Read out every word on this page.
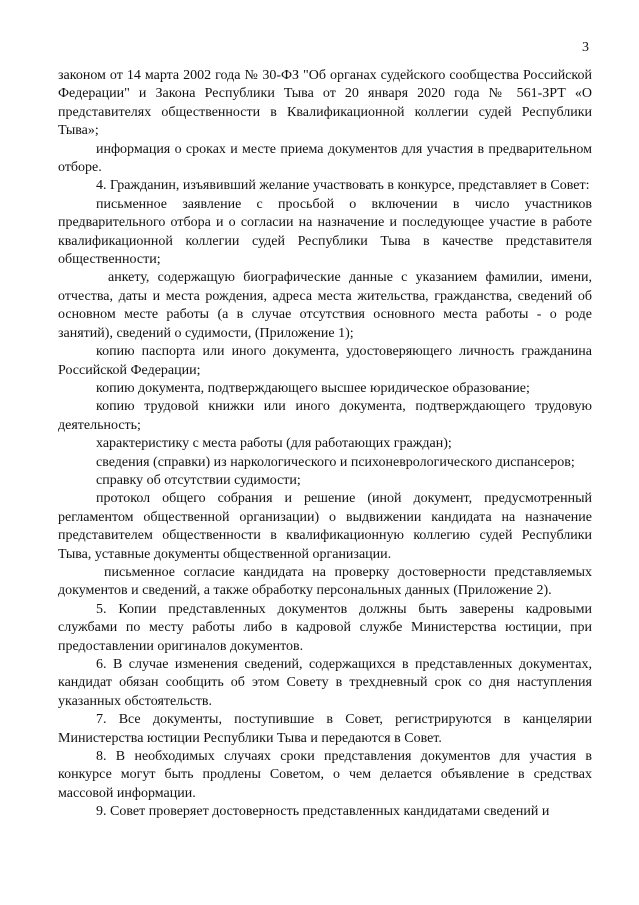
3

законом от 14 марта 2002 года № 30-ФЗ "Об органах судейского сообщества Российской Федерации" и Закона Республики Тыва от 20 января 2020 года № 561-ЗРТ «О представителях общественности в Квалификационной коллегии судей Республики Тыва»;

информация о сроках и месте приема документов для участия в предварительном отборе.

4. Гражданин, изъявивший желание участвовать в конкурсе, представляет в Совет:

письменное заявление с просьбой о включении в число участников предварительного отбора и о согласии на назначение и последующее участие в работе квалификационной коллегии судей Республики Тыва в качестве представителя общественности;

анкету, содержащую биографические данные с указанием фамилии, имени, отчества, даты и места рождения, адреса места жительства, гражданства, сведений об основном месте работы (а в случае отсутствия основного места работы - о роде занятий), сведений о судимости, (Приложение 1);

копию паспорта или иного документа, удостоверяющего личность гражданина Российской Федерации;

копию документа, подтверждающего высшее юридическое образование;

копию трудовой книжки или иного документа, подтверждающего трудовую деятельность;

характеристику с места работы (для работающих граждан);

сведения (справки) из наркологического и психоневрологического диспансеров;

справку об отсутствии судимости;

протокол общего собрания и решение (иной документ, предусмотренный регламентом общественной организации) о выдвижении кандидата на назначение представителем общественности в квалификационную коллегию судей Республики Тыва, уставные документы общественной организации.

письменное согласие кандидата на проверку достоверности представляемых документов и сведений, а также обработку персональных данных (Приложение 2).

5. Копии представленных документов должны быть заверены кадровыми службами по месту работы либо в кадровой службе Министерства юстиции, при предоставлении оригиналов документов.

6. В случае изменения сведений, содержащихся в представленных документах, кандидат обязан сообщить об этом Совету в трехдневный срок со дня наступления указанных обстоятельств.

7. Все документы, поступившие в Совет, регистрируются в канцелярии Министерства юстиции Республики Тыва и передаются в Совет.

8. В необходимых случаях сроки представления документов для участия в конкурсе могут быть продлены Советом, о чем делается объявление в средствах массовой информации.

9. Совет проверяет достоверность представленных кандидатами сведений и
